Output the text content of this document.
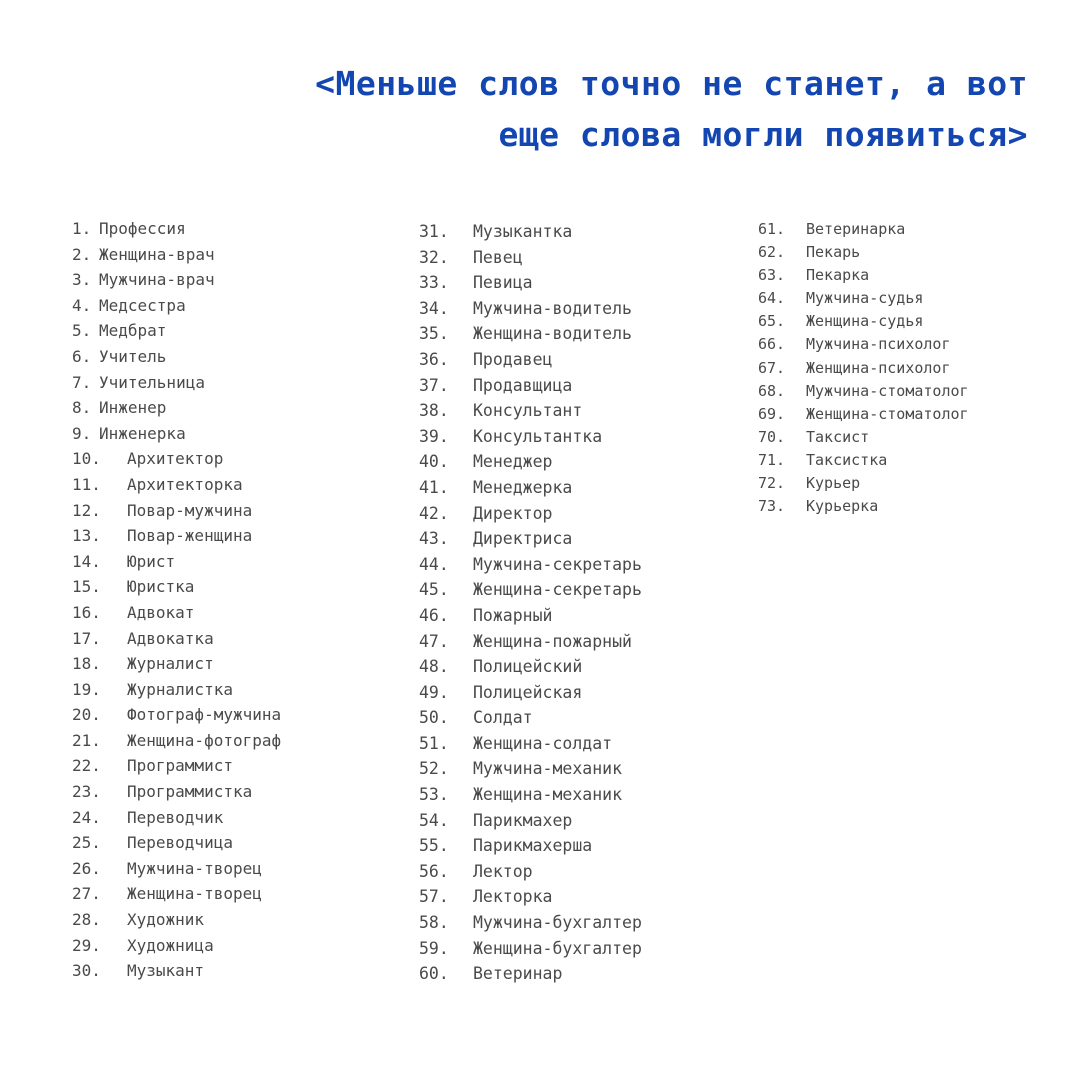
<Меньше слов точно не станет, а вот
еще слова могли появиться>
1. Профессия
2. Женщина-врач
3. Мужчина-врач
4. Медсестра
5. Медбрат
6. Учитель
7. Учительница
8. Инженер
9. Инженерка
10.	Архитектор
11.	Архитекторка
12.	Повар-мужчина
13.	Повар-женщина
14.	Юрист
15.	Юристка
16.	Адвокат
17.	Адвокатка
18.	Журналист
19.	Журналистка
20.	Фотограф-мужчина
21.	Женщина-фотограф
22.	Программист
23.	Программистка
24.	Переводчик
25.	Переводчица
26.	Мужчина-творец
27.	Женщина-творец
28.	Художник
29.	Художница
30.	Музыкант
31.	Музыкантка
32.	Певец
33.	Певица
34.	Мужчина-водитель
35.	Женщина-водитель
36.	Продавец
37.	Продавщица
38.	Консультант
39.	Консультантка
40.	Менеджер
41.	Менеджерка
42.	Директор
43.	Директриса
44.	Мужчина-секретарь
45.	Женщина-секретарь
46.	Пожарный
47.	Женщина-пожарный
48.	Полицейский
49.	Полицейская
50.	Солдат
51.	Женщина-солдат
52.	Мужчина-механик
53.	Женщина-механик
54.	Парикмахер
55.	Парикмахерша
56.	Лектор
57.	Лекторка
58.	Мужчина-бухгалтер
59.	Женщина-бухгалтер
60.	Ветеринар
61.	Ветеринарка
62.	Пекарь
63.	Пекарка
64.	Мужчина-судья
65.	Женщина-судья
66.	Мужчина-психолог
67.	Женщина-психолог
68.	Мужчина-стоматолог
69.	Женщина-стоматолог
70.	Таксист
71.	Таксистка
72.	Курьер
73.	Курьерка
